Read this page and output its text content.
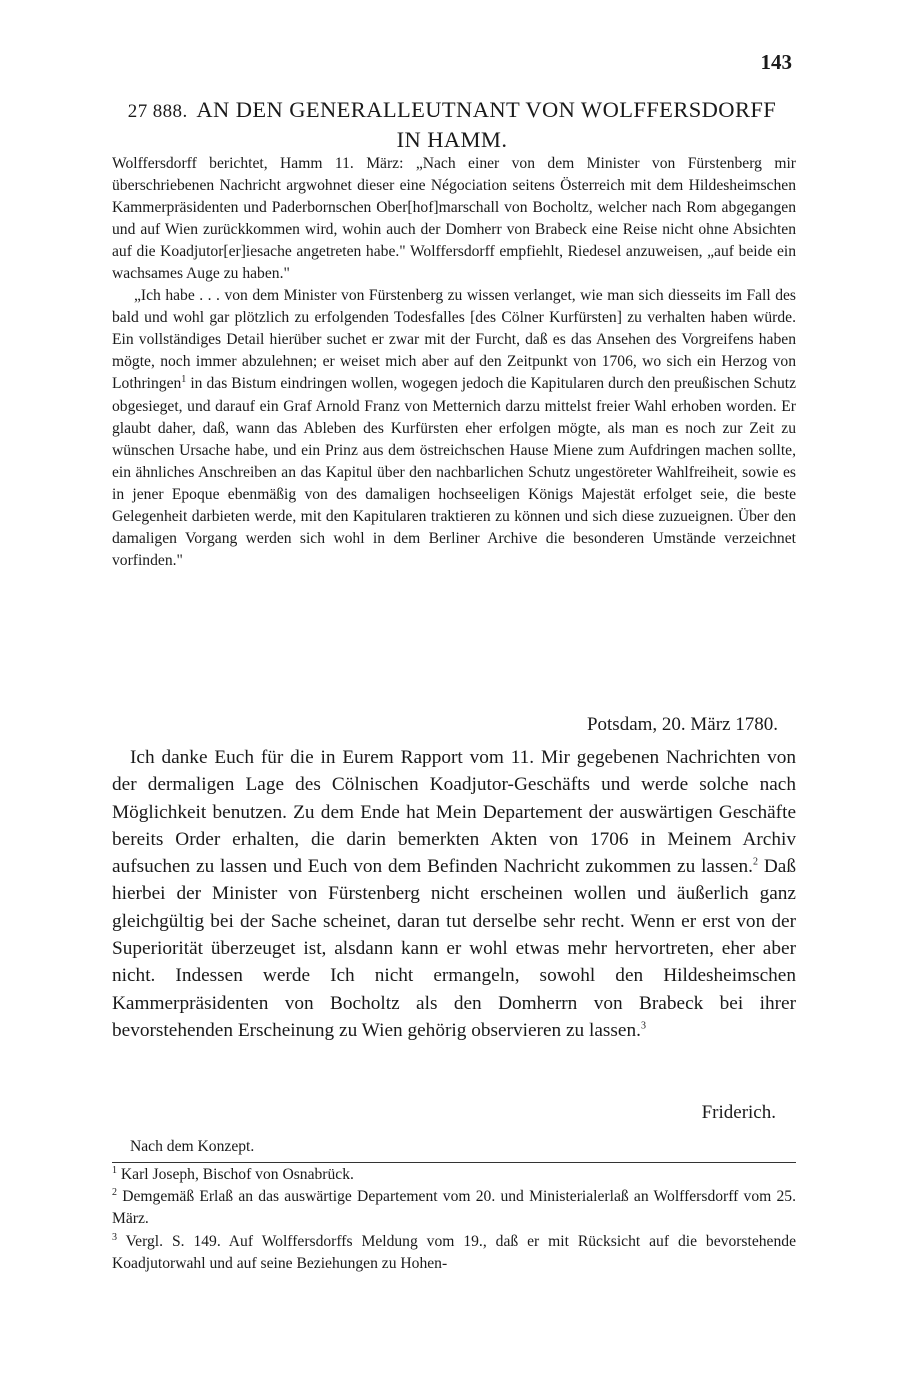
143
27 888. AN DEN GENERALLEUTNANT VON WOLFFERSDORFF
IN HAMM.

Wolffersdorff berichtet, Hamm 11. März: „Nach einer von dem Minister von Fürstenberg mir überschriebenen Nachricht argwohnet dieser eine Négociation seitens Österreich mit dem Hildesheimschen Kammerpräsidenten und Paderbornschen Ober[hof]marschall von Bocholtz, welcher nach Rom abgegangen und auf Wien zurückkommen wird, wohin auch der Domherr von Brabeck eine Reise nicht ohne Absichten auf die Koadjutor[er]iesache angetreten habe." Wolffersdorff empfiehlt, Riedesel anzuweisen, „auf beide ein wachsames Auge zu haben."

„Ich habe . . . von dem Minister von Fürstenberg zu wissen verlanget, wie man sich diesseits im Fall des bald und wohl gar plötzlich zu erfolgenden Todesfalles [des Cölner Kurfürsten] zu verhalten haben würde. Ein vollständiges Detail hierüber suchet er zwar mit der Furcht, daß es das Ansehen des Vorgreifens haben mögte, noch immer abzulehnen; er weiset mich aber auf den Zeitpunkt von 1706, wo sich ein Herzog von Lothringen$^1$ in das Bistum eindringen wollen, wogegen jedoch die Kapitularen durch den preußischen Schutz obgesieget, und darauf ein Graf Arnold Franz von Metternich darzu mittelst freier Wahl erhoben worden. Er glaubt daher, daß, wann das Ableben des Kurfürsten eher erfolgen mögte, als man es noch zur Zeit zu wünschen Ursache habe, und ein Prinz aus dem östreichschen Hause Miene zum Aufdringen machen sollte, ein ähnliches Anschreiben an das Kapitul über den nachbarlichen Schutz ungestöreter Wahlfreiheit, sowie es in jener Epoque ebenmäßig von des damaligen hochseeligen Königs Majestät erfolget seie, die beste Gelegenheit darbieten werde, mit den Kapitularen traktieren zu können und sich diese zuzueignen. Über den damaligen Vorgang werden sich wohl in dem Berliner Archive die besonderen Umstände verzeichnet vorfinden."

Potsdam, 20. März 1780.
Ich danke Euch für die in Eurem Rapport vom 11. Mir gegebenen Nachrichten von der dermaligen Lage des Cölnischen Koadjutor-Geschäfts und werde solche nach Möglichkeit benutzen. Zu dem Ende hat Mein Departement der auswärtigen Geschäfte bereits Order erhalten, die darin bemerkten Akten von 1706 in Meinem Archiv aufsuchen zu lassen und Euch von dem Befinden Nachricht zukommen zu lassen.$^2$ Daß hierbei der Minister von Fürstenberg nicht erscheinen wollen und äußerlich ganz gleichgültig bei der Sache scheinet, daran tut derselbe sehr recht. Wenn er erst von der Superiorität überzeuget ist, alsdann kann er wohl etwas mehr hervortreten, eher aber nicht. Indessen werde Ich nicht ermangeln, sowohl den Hildesheimschen Kammerpräsidenten von Bocholtz als den Domherrn von Brabeck bei ihrer bevorstehenden Erscheinung zu Wien gehörig observieren zu lassen.$^3$
Friderich.
Nach dem Konzept.

$^1$ Karl Joseph, Bischof von Osnabrück.

$^2$ Demgemäß Erlaß an das auswärtige Departement vom 20. und Ministerialerlaß an Wolffersdorff vom 25. März.

$^3$ Vergl. S. 149. Auf Wolffersdorffs Meldung vom 19., daß er mit Rücksicht auf die bevorstehende Koadjutorwahl und auf seine Beziehungen zu Hohen-
